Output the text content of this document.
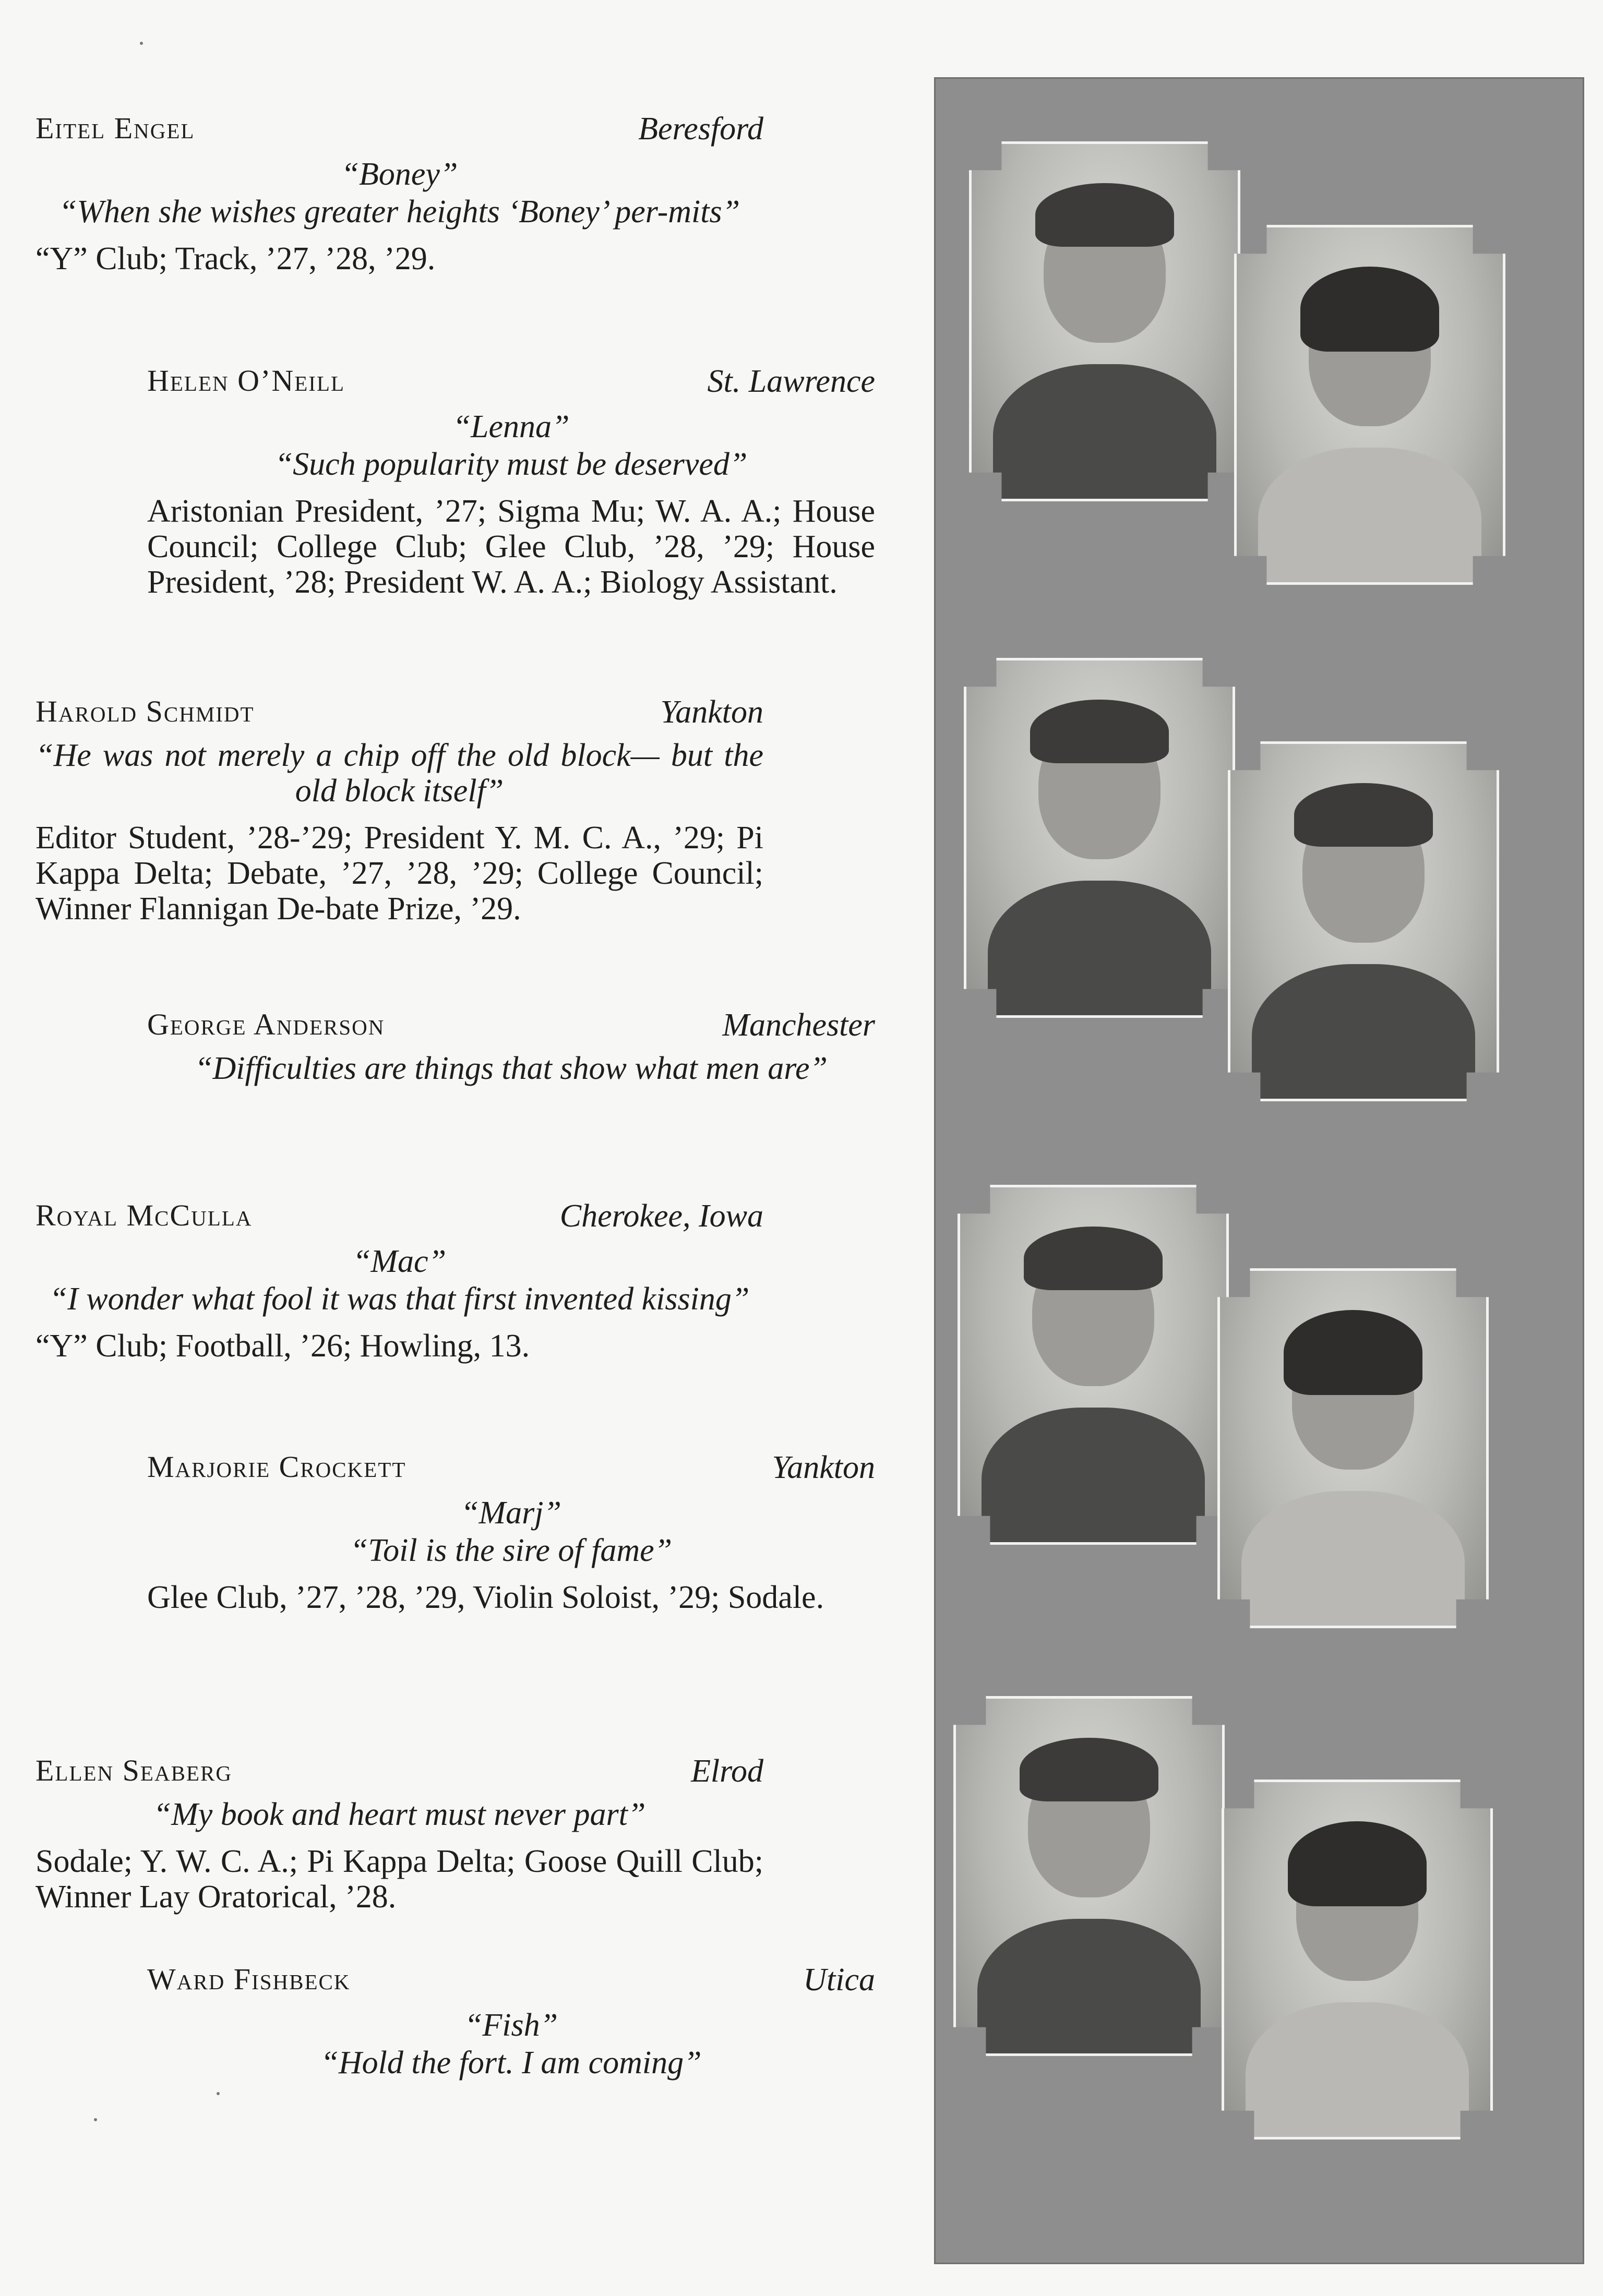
Eitel Engel	Beresford
“Boney”
“When she wishes greater heights ‘Boney’ per-mits”
“Y” Club; Track, ’27, ’28, ’29.
Helen O’Neill	St. Lawrence
“Lenna”
“Such popularity must be deserved”
Aristonian President, ’27; Sigma Mu; W. A. A.; House Council; College Club; Glee Club, ’28, ’29; House President, ’28; President W. A. A.; Biology Assistant.
Harold Schmidt	Yankton
“He was not merely a chip off the old block— but the old block itself”
Editor Student, ’28-’29; President Y. M. C. A., ’29; Pi Kappa Delta; Debate, ’27, ’28, ’29; College Council; Winner Flannigan De-bate Prize, ’29.
George Anderson	Manchester
“Difficulties are things that show what men are”
Royal McCulla	Cherokee, Iowa
“Mac”
“I wonder what fool it was that first invented kissing”
“Y” Club; Football, ’26; Howling, 13.
Marjorie Crockett	Yankton
“Marj”
“Toil is the sire of fame”
Glee Club, ’27, ’28, ’29, Violin Soloist, ’29; Sodale.
Ellen Seaberg	Elrod
“My book and heart must never part”
Sodale; Y. W. C. A.; Pi Kappa Delta; Goose Quill Club; Winner Lay Oratorical, ’28.
Ward Fishbeck	Utica
“Fish”
“Hold the fort. I am coming”
